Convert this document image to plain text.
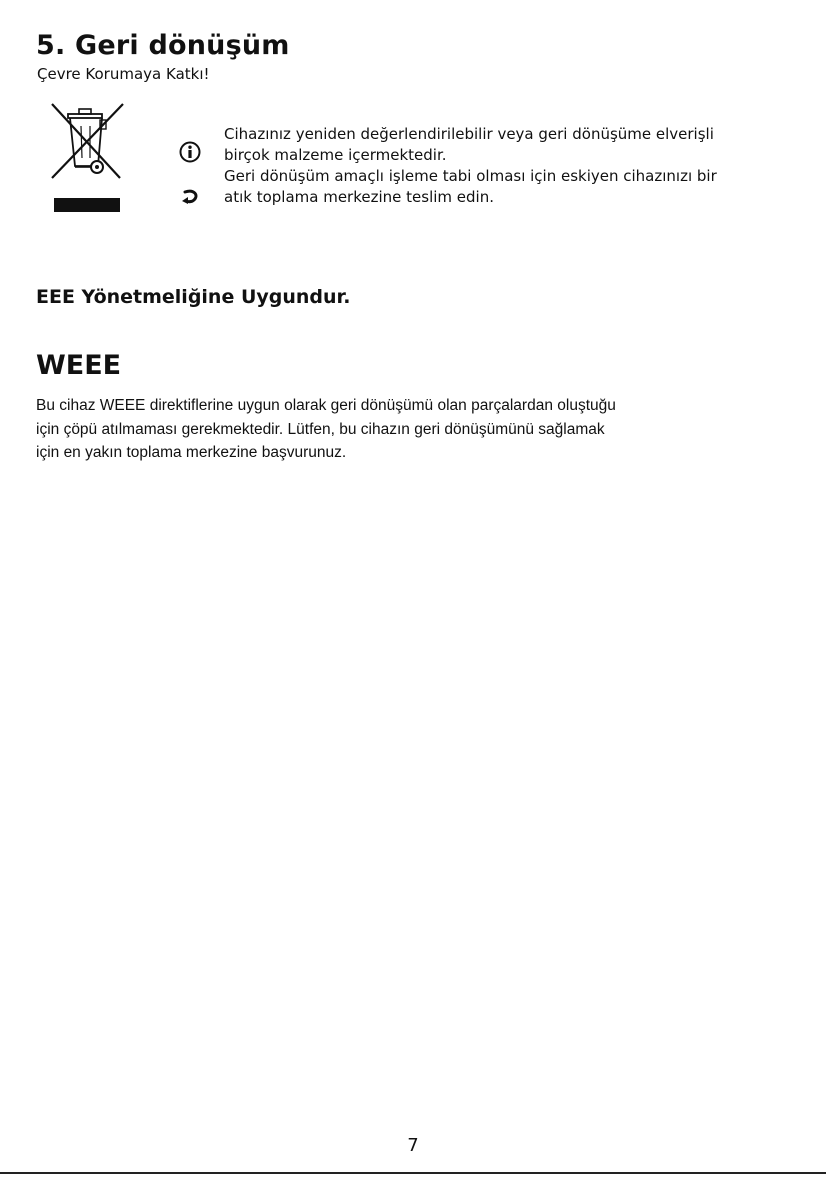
5. Geri dönüşüm
Çevre Korumaya Katkı!
Cihazınız yeniden değerlendirilebilir veya geri dönüşüme elverişli
birçok malzeme içermektedir.
Geri dönüşüm amaçlı işleme tabi olması için eskiyen cihazınızı bir
atık toplama merkezine teslim edin.
EEE Yönetmeliğine Uygundur.
WEEE
Bu cihaz WEEE direktiflerine uygun olarak geri dönüşümü olan parçalardan oluştuğu
için çöpü atılmaması gerekmektedir. Lütfen, bu cihazın geri dönüşümünü sağlamak
için en yakın toplama merkezine başvurunuz.
7
